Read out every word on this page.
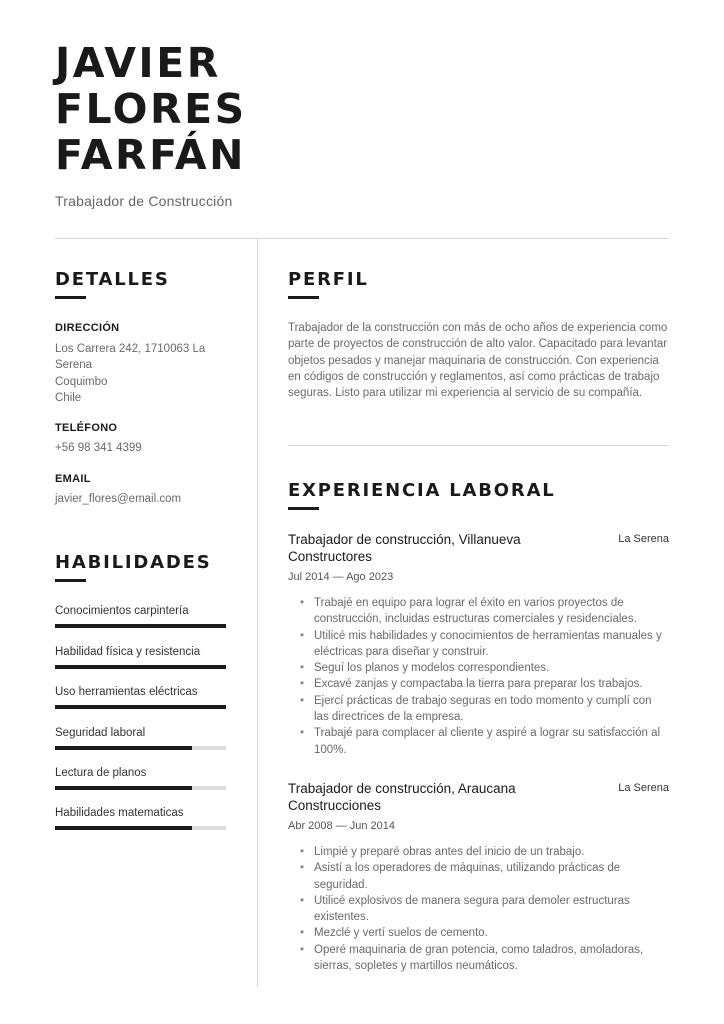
JAVIER
FLORES
FARFÁN
Trabajador de Construcción
DETALLES
DIRECCIÓN
Los Carrera 242, 1710063 La
Serena
Coquimbo
Chile
TELÉFONO
+56 98 341 4399
EMAIL
javier_flores@email.com
HABILIDADES
Conocimientos carpintería
Habilidad física y resistencia
Uso herramientas eléctricas
Seguridad laboral
Lectura de planos
Habilidades matematicas
PERFIL

Trabajador de la construcción con más de ocho años de experiencia como parte de proyectos de construcción de alto valor. Capacitado para levantar objetos pesados y manejar maquinaria de construcción. Con experiencia en códigos de construcción y reglamentos, así como prácticas de trabajo seguras. Listo para utilizar mi experiencia al servicio de su compañía.

EXPERIENCIA LABORAL
Trabajador de construcción, Villanueva Constructores
La Serena
Jul 2014 — Ago 2023
• Trabajé en equipo para lograr el éxito en varios proyectos de construcción, incluidas estructuras comerciales y residenciales.
• Utilicé mis habilidades y conocimientos de herramientas manuales y eléctricas para diseñar y construir.
• Seguí los planos y modelos correspondientes.
• Excavé zanjas y compactaba la tierra para preparar los trabajos.
• Ejercí prácticas de trabajo seguras en todo momento y cumplí con las directrices de la empresa.
• Trabajé para complacer al cliente y aspiré a lograr su satisfacción al 100%.
Trabajador de construcción, Araucana Construcciones
La Serena
Abr 2008 — Jun 2014
• Limpié y preparé obras antes del inicio de un trabajo.
• Asistí a los operadores de máquinas, utilizando prácticas de seguridad.
• Utilicé explosivos de manera segura para demoler estructuras existentes.
• Mezclé y vertí suelos de cemento.
• Operé maquinaria de gran potencia, como taladros, amoladoras, sierras, sopletes y martillos neumáticos.
